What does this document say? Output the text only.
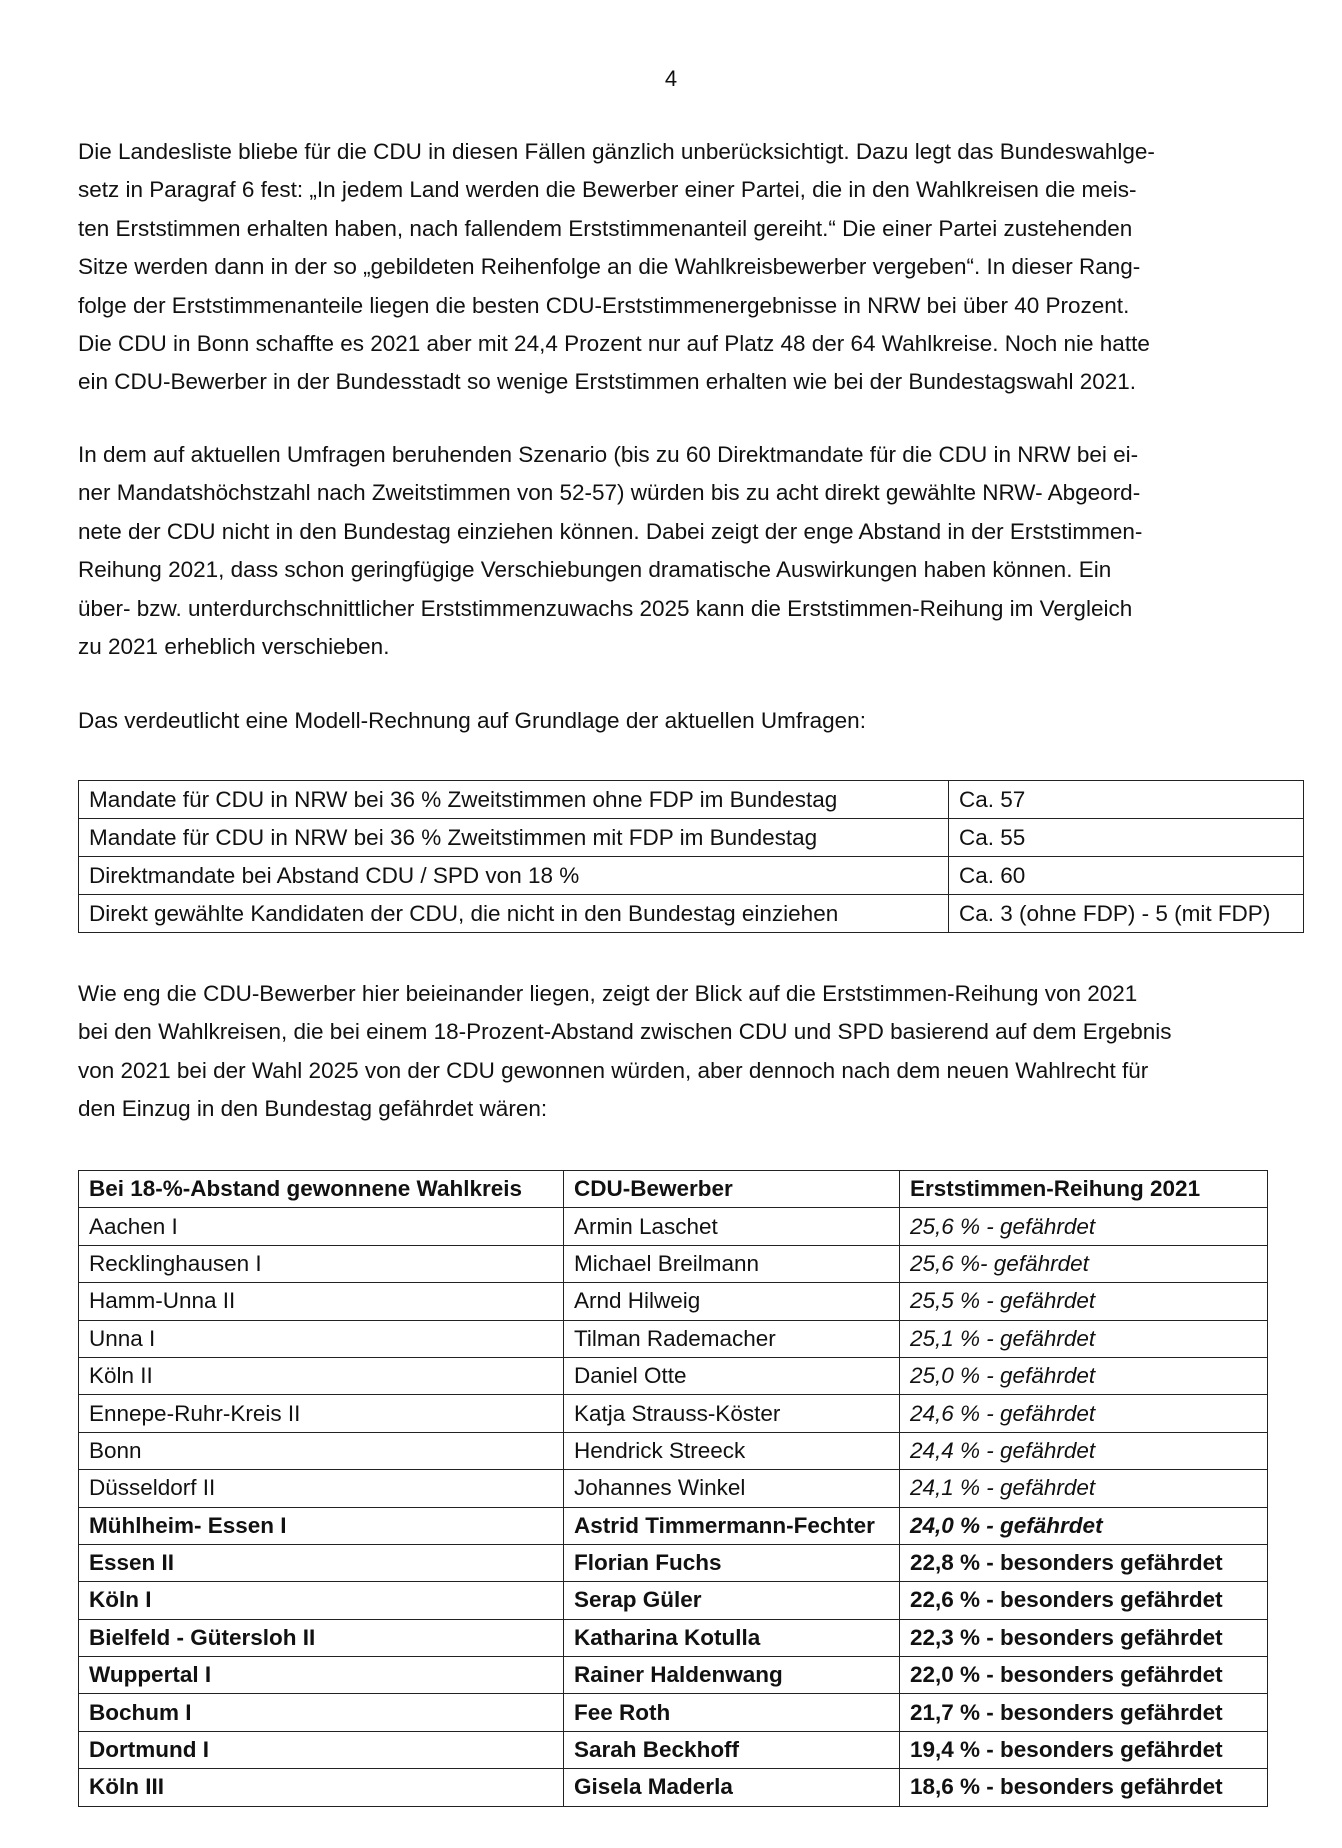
4

Die Landesliste bliebe für die CDU in diesen Fällen gänzlich unberücksichtigt. Dazu legt das Bundeswahlge-
setz in Paragraf 6 fest: „In jedem Land werden die Bewerber einer Partei, die in den Wahlkreisen die meis-
ten Erststimmen erhalten haben, nach fallendem Erststimmenanteil gereiht.“ Die einer Partei zustehenden
Sitze werden dann in der so „gebildeten Reihenfolge an die Wahlkreisbewerber vergeben“. In dieser Rang-
folge der Erststimmenanteile liegen die besten CDU-Erststimmenergebnisse in NRW bei über 40 Prozent.
Die CDU in Bonn schaffte es 2021 aber mit 24,4 Prozent nur auf Platz 48 der 64 Wahlkreise. Noch nie hatte
ein CDU-Bewerber in der Bundesstadt so wenige Erststimmen erhalten wie bei der Bundestagswahl 2021.

In dem auf aktuellen Umfragen beruhenden Szenario (bis zu 60 Direktmandate für die CDU in NRW bei ei-
ner Mandatshöchstzahl nach Zweitstimmen von 52-57) würden bis zu acht direkt gewählte NRW- Abgeord-
nete der CDU nicht in den Bundestag einziehen können. Dabei zeigt der enge Abstand in der Erststimmen-
Reihung 2021, dass schon geringfügige Verschiebungen dramatische Auswirkungen haben können. Ein
über- bzw. unterdurchschnittlicher Erststimmenzuwachs 2025 kann die Erststimmen-Reihung im Vergleich
zu 2021 erheblich verschieben.

Das verdeutlicht eine Modell-Rechnung auf Grundlage der aktuellen Umfragen:

Mandate für CDU in NRW bei 36 % Zweitstimmen ohne FDP im Bundestag	Ca. 57
Mandate für CDU in NRW bei 36 % Zweitstimmen mit FDP im Bundestag	Ca. 55
Direktmandate bei Abstand CDU / SPD von 18 %	Ca. 60
Direkt gewählte Kandidaten der CDU, die nicht in den Bundestag einziehen	Ca. 3 (ohne FDP) - 5 (mit FDP)

Wie eng die CDU-Bewerber hier beieinander liegen, zeigt der Blick auf die Erststimmen-Reihung von 2021
bei den Wahlkreisen, die bei einem 18-Prozent-Abstand zwischen CDU und SPD basierend auf dem Ergebnis
von 2021 bei der Wahl 2025 von der CDU gewonnen würden, aber dennoch nach dem neuen Wahlrecht für
den Einzug in den Bundestag gefährdet wären:

Bei 18-%-Abstand gewonnene Wahlkreis	CDU-Bewerber	Erststimmen-Reihung 2021
Aachen I	Armin Laschet	25,6 % - gefährdet
Recklinghausen I	Michael Breilmann	25,6 %- gefährdet
Hamm-Unna II	Arnd Hilweig	25,5 % - gefährdet
Unna I	Tilman Rademacher	25,1 % - gefährdet
Köln II	Daniel Otte	25,0 % - gefährdet
Ennepe-Ruhr-Kreis II	Katja Strauss-Köster	24,6 % - gefährdet
Bonn	Hendrick Streeck	24,4 % - gefährdet
Düsseldorf II	Johannes Winkel	24,1 % - gefährdet
Mühlheim- Essen I	Astrid Timmermann-Fechter	24,0 % - gefährdet
Essen II	Florian Fuchs	22,8 % - besonders gefährdet
Köln I	Serap Güler	22,6 % - besonders gefährdet
Bielfeld - Gütersloh II	Katharina Kotulla	22,3 % - besonders gefährdet
Wuppertal I	Rainer Haldenwang	22,0 % - besonders gefährdet
Bochum I	Fee Roth	21,7 % - besonders gefährdet
Dortmund I	Sarah Beckhoff	19,4 % - besonders gefährdet
Köln III	Gisela Maderla	18,6 % - besonders gefährdet
